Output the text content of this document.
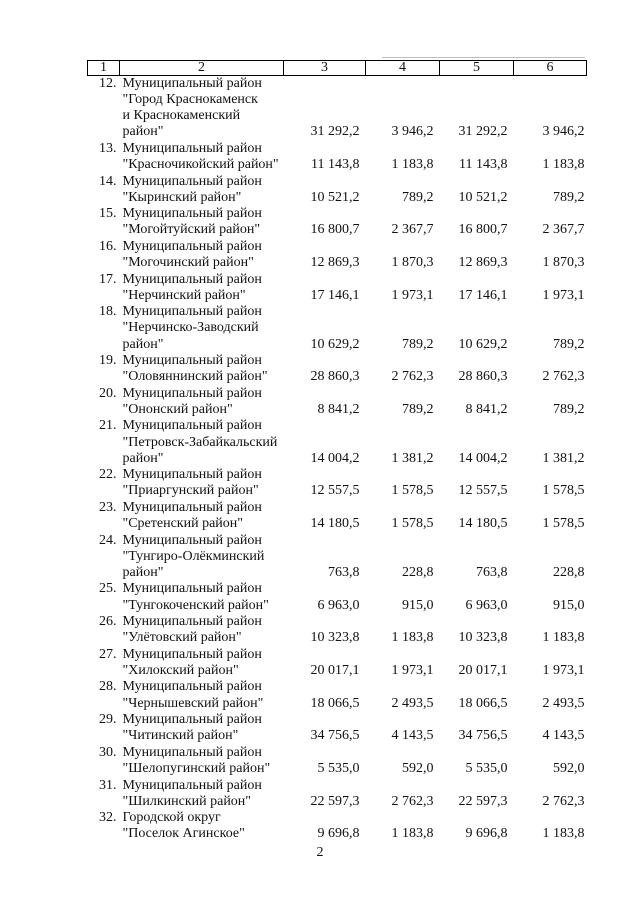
1	2	3	4	5	6
12.	Муниципальный район
"Город Краснокаменск
и Краснокаменский
район"	31 292,2	3 946,2	31 292,2	3 946,2

13.	Муниципальный район
"Красночикойский район"	11 143,8	1 183,8	11 143,8	1 183,8

14.	Муниципальный район
"Кыринский район"	10 521,2	789,2	10 521,2	789,2

15.	Муниципальный район
"Могойтуйский район"	16 800,7	2 367,7	16 800,7	2 367,7

16.	Муниципальный район
"Могочинский район"	12 869,3	1 870,3	12 869,3	1 870,3

17.	Муниципальный район
"Нерчинский район"	17 146,1	1 973,1	17 146,1	1 973,1

18.	Муниципальный район
"Нерчинско-Заводский
район"	10 629,2	789,2	10 629,2	789,2

19.	Муниципальный район
"Оловяннинский район"	28 860,3	2 762,3	28 860,3	2 762,3

20.	Муниципальный район
"Ононский район"	8 841,2	789,2	8 841,2	789,2

21.	Муниципальный район
"Петровск-Забайкальский
район"	14 004,2	1 381,2	14 004,2	1 381,2

22.	Муниципальный район
"Приаргунский район"	12 557,5	1 578,5	12 557,5	1 578,5

23.	Муниципальный район
"Сретенский район"	14 180,5	1 578,5	14 180,5	1 578,5

24.	Муниципальный район
"Тунгиро-Олёкминский
район"	763,8	228,8	763,8	228,8

25.	Муниципальный район
"Тунгокоченский район"	6 963,0	915,0	6 963,0	915,0

26.	Муниципальный район
"Улётовский район"	10 323,8	1 183,8	10 323,8	1 183,8

27.	Муниципальный район
"Хилокский район"	20 017,1	1 973,1	20 017,1	1 973,1

28.	Муниципальный район
"Чернышевский район"	18 066,5	2 493,5	18 066,5	2 493,5

29.	Муниципальный район
"Читинский район"	34 756,5	4 143,5	34 756,5	4 143,5

30.	Муниципальный район
"Шелопугинский район"	5 535,0	592,0	5 535,0	592,0

31.	Муниципальный район
"Шилкинский район"	22 597,3	2 762,3	22 597,3	2 762,3

32.	Городской округ
"Поселок Агинское"	9 696,8	1 183,8	9 696,8	1 183,8
2
